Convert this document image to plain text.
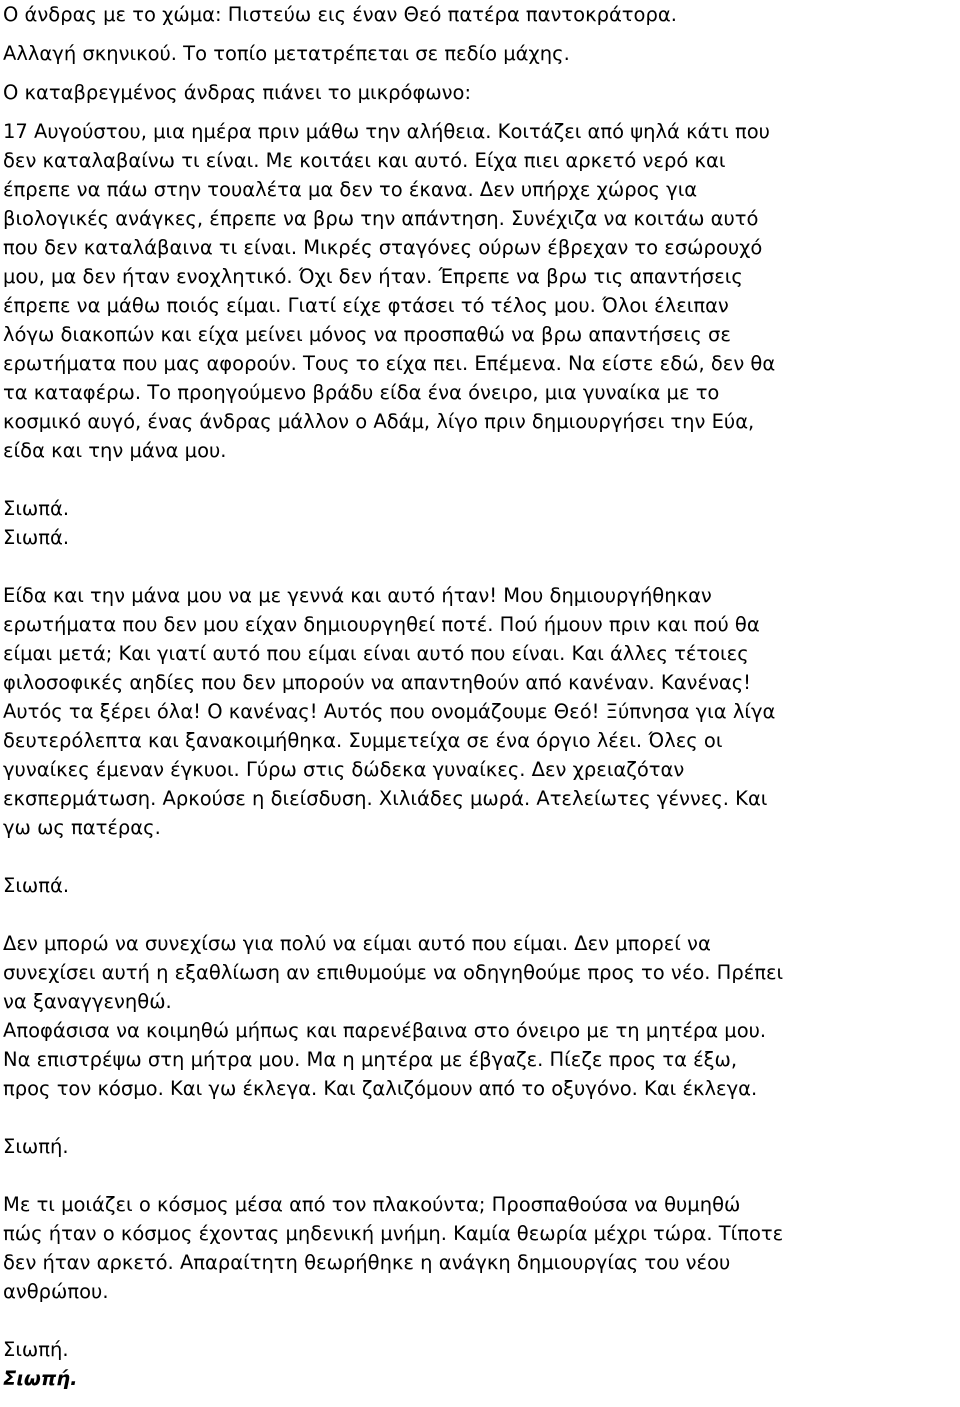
Ο άνδρας με το χώμα: Πιστεύω εις έναν Θεό πατέρα παντοκράτορα.

Αλλαγή σκηνικού. Το τοπίο μετατρέπεται σε πεδίο μάχης.

Ο καταβρεγμένος άνδρας πιάνει το μικρόφωνο:

17 Αυγούστου, μια ημέρα πριν μάθω την αλήθεια. Κοιτάζει από ψηλά κάτι που

δεν καταλαβαίνω τι είναι. Με κοιτάει και αυτό. Είχα πιει αρκετό νερό και

έπρεπε να πάω στην τουαλέτα μα δεν το έκανα. Δεν υπήρχε χώρος για

βιολογικές ανάγκες, έπρεπε να βρω την απάντηση. Συνέχιζα να κοιτάω αυτό

που δεν καταλάβαινα τι είναι. Μικρές σταγόνες ούρων έβρεχαν το εσώρουχό

μου, μα δεν ήταν ενοχλητικό. Όχι δεν ήταν. Έπρεπε να βρω τις απαντήσεις

έπρεπε να μάθω ποιός είμαι. Γιατί είχε φτάσει τό τέλος μου. Όλοι έλειπαν

λόγω διακοπών και είχα μείνει μόνος να προσπαθώ να βρω απαντήσεις σε

ερωτήματα που μας αφορούν. Τους το είχα πει. Επέμενα. Να είστε εδώ, δεν θα

τα καταφέρω. Το προηγούμενο βράδυ είδα ένα όνειρο, μια γυναίκα με το

κοσμικό αυγό, ένας άνδρας μάλλον ο Αδάμ, λίγο πριν δημιουργήσει την Εύα,

είδα και την μάνα μου.

Σιωπά.

Σιωπά.

Είδα και την μάνα μου να με γεννά και αυτό ήταν! Μου δημιουργήθηκαν

ερωτήματα που δεν μου είχαν δημιουργηθεί ποτέ. Πού ήμουν πριν και πού θα

είμαι μετά; Και γιατί αυτό που είμαι είναι αυτό που είναι. Και άλλες τέτοιες

φιλοσοφικές αηδίες που δεν μπορούν να απαντηθούν από κανέναν. Κανένας!

Αυτός τα ξέρει όλα! Ο κανένας! Αυτός που ονομάζουμε Θεό! Ξύπνησα για λίγα

δευτερόλεπτα και ξανακοιμήθηκα. Συμμετείχα σε ένα όργιο λέει. Όλες οι

γυναίκες έμεναν έγκυοι. Γύρω στις δώδεκα γυναίκες. Δεν χρειαζόταν

εκσπερμάτωση. Αρκούσε η διείσδυση. Χιλιάδες μωρά. Ατελείωτες γέννες. Και

γω ως πατέρας.

Σιωπά.

Δεν μπορώ να συνεχίσω για πολύ να είμαι αυτό που είμαι. Δεν μπορεί να

συνεχίσει αυτή η εξαθλίωση αν επιθυμούμε να οδηγηθούμε προς το νέο. Πρέπει

να ξαναγγενηθώ.

Αποφάσισα να κοιμηθώ μήπως και παρενέβαινα στο όνειρο με τη μητέρα μου.

Να επιστρέψω στη μήτρα μου. Μα η μητέρα με έβγαζε. Πίεζε προς τα έξω,

προς τον κόσμο. Και γω έκλεγα. Και ζαλιζόμουν από το οξυγόνο. Και έκλεγα.

Σιωπή.

Με τι μοιάζει ο κόσμος μέσα από τον πλακούντα; Προσπαθούσα να θυμηθώ

πώς ήταν ο κόσμος έχοντας μηδενική μνήμη. Καμία θεωρία μέχρι τώρα. Τίποτε

δεν ήταν αρκετό. Απαραίτητη θεωρήθηκε η ανάγκη δημιουργίας του νέου

ανθρώπου.

Σιωπή.

Σιωπή.
